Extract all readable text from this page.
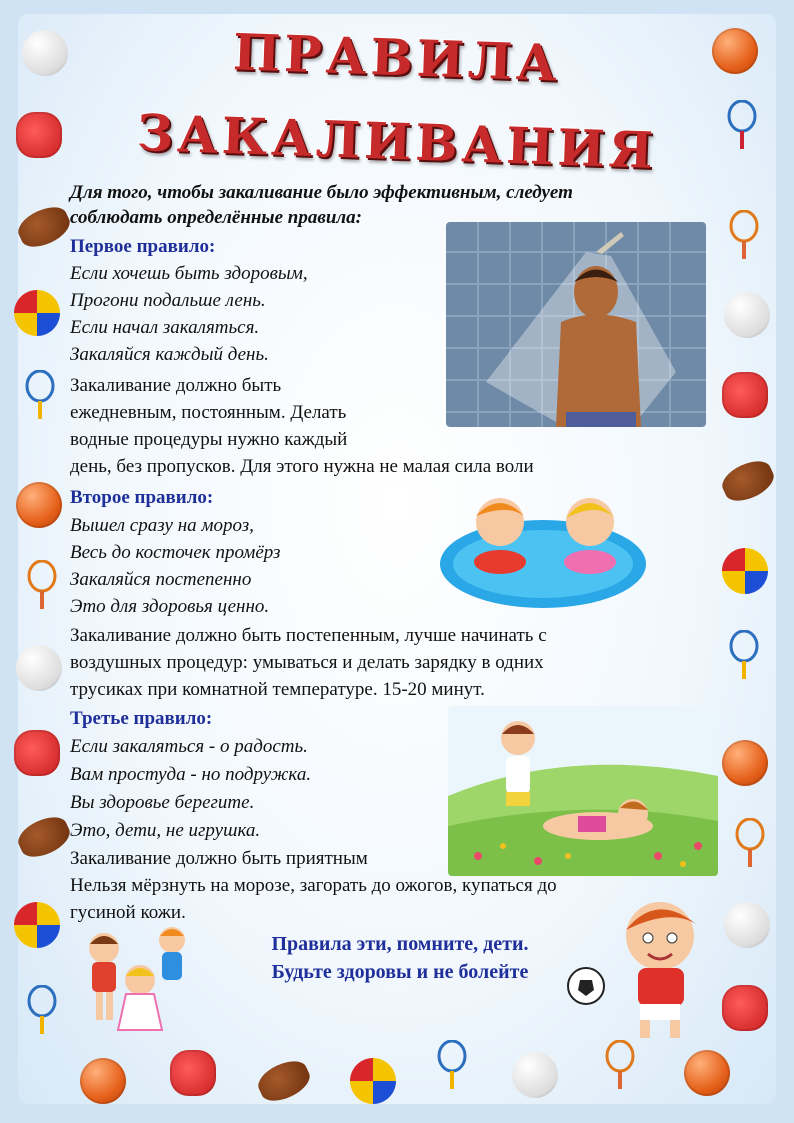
ПРАВИЛА
ЗАКАЛИВАНИЯ
Для того, чтобы закаливание было эффективным, следует
соблюдать определённые правила:
Первое правило:
Если хочешь быть здоровым,
Прогони подальше лень.
Если начал закаляться.
Закаляйся каждый день.
Закаливание должно быть
ежедневным, постоянным. Делать
водные процедуры нужно каждый
день, без пропусков. Для этого нужна не малая сила воли
Второе правило:
Вышел сразу на мороз,
Весь до косточек промёрз
Закаляйся постепенно
Это для здоровья ценно.
Закаливание должно быть постепенным, лучше начинать с
воздушных процедур: умываться и делать зарядку в одних
трусиках при комнатной температуре. 15-20 минут.
Третье правило:
Если закаляться - о радость.
Вам простуда - но подружка.
Вы здоровье берегите.
Это, дети, не игрушка.
Закаливание должно быть приятным
Нельзя мёрзнуть на морозе, загорать до ожогов, купаться до
гусиной кожи.
Правила эти, помните, дети.
Будьте здоровы и не болейте
